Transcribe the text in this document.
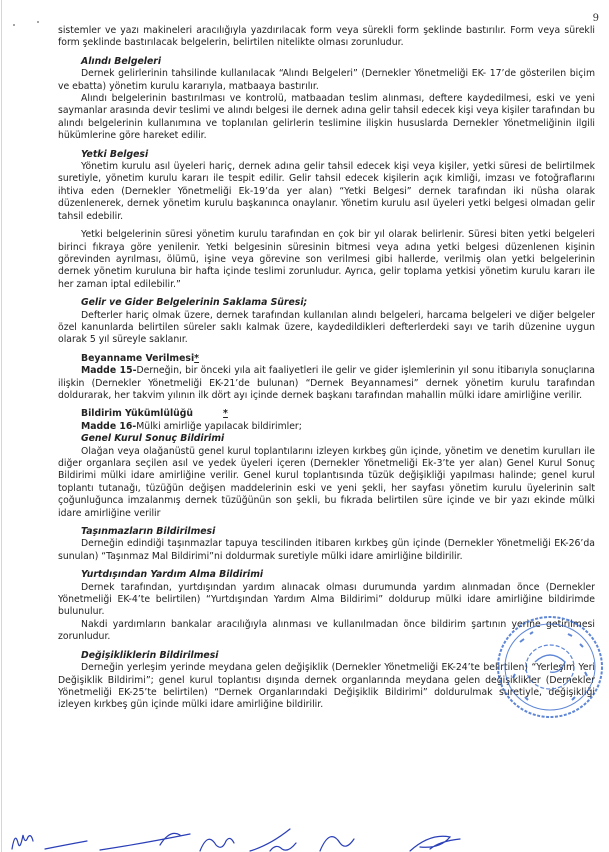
9

sistemler ve yazı makineleri aracılığıyla yazdırılacak form veya sürekli form şeklinde bastırılır. Form veya sürekli form şeklinde bastırılacak belgelerin, belirtilen nitelikte olması zorunludur.

Alındı Belgeleri

Dernek gelirlerinin tahsilinde kullanılacak “Alındı Belgeleri” (Dernekler Yönetmeliği EK- 17’de gösterilen biçim ve ebatta) yönetim kurulu kararıyla, matbaaya bastırılır.

Alındı belgelerinin bastırılması ve kontrolü, matbaadan teslim alınması, deftere kaydedilmesi, eski ve yeni saymanlar arasında devir teslimi ve alındı belgesi ile dernek adına gelir tahsil edecek kişi veya kişiler tarafından bu alındı belgelerinin kullanımına ve toplanılan gelirlerin teslimine ilişkin hususlarda Dernekler Yönetmeliğinin ilgili hükümlerine göre hareket edilir.

Yetki Belgesi

Yönetim kurulu asıl üyeleri hariç, dernek adına gelir tahsil edecek kişi veya kişiler, yetki süresi de belirtilmek suretiyle, yönetim kurulu kararı ile tespit edilir. Gelir tahsil edecek kişilerin açık kimliği, imzası ve fotoğraflarını ihtiva eden (Dernekler Yönetmeliği Ek-19’da yer alan) “Yetki Belgesi” dernek tarafından iki nüsha olarak düzenlenerek, dernek yönetim kurulu başkanınca onaylanır. Yönetim kurulu asıl üyeleri yetki belgesi olmadan gelir tahsil edebilir.

Yetki belgelerinin süresi yönetim kurulu tarafından en çok bir yıl olarak belirlenir. Süresi biten yetki belgeleri birinci fıkraya göre yenilenir. Yetki belgesinin süresinin bitmesi veya adına yetki belgesi düzenlenen kişinin görevinden ayrılması, ölümü, işine veya görevine son verilmesi gibi hallerde, verilmiş olan yetki belgelerinin dernek yönetim kuruluna bir hafta içinde teslimi zorunludur. Ayrıca, gelir toplama yetkisi yönetim kurulu kararı ile her zaman iptal edilebilir.”

Gelir ve Gider Belgelerinin Saklama Süresi;

Defterler hariç olmak üzere, dernek tarafından kullanılan alındı belgeleri, harcama belgeleri ve diğer belgeler özel kanunlarda belirtilen süreler saklı kalmak üzere, kaydedildikleri defterlerdeki sayı ve tarih düzenine uygun olarak 5 yıl süreyle saklanır.

Beyanname Verilmesi*

Madde 15-Derneğin, bir önceki yıla ait faaliyetleri ile gelir ve gider işlemlerinin yıl sonu itibarıyla sonuçlarına ilişkin (Dernekler Yönetmeliği EK-21’de bulunan) “Dernek Beyannamesi” dernek yönetim kurulu tarafından doldurarak, her takvim yılının ilk dört ayı içinde dernek başkanı tarafından mahallin mülki idare amirliğine verilir.

Bildirim Yükümlülüğü	*

Madde 16-Mülki amirliğe yapılacak bildirimler;

Genel Kurul Sonuç Bildirimi

Olağan veya olağanüstü genel kurul toplantılarını izleyen kırkbeş gün içinde, yönetim ve denetim kurulları ile diğer organlara seçilen asıl ve yedek üyeleri içeren (Dernekler Yönetmeliği Ek-3’te yer alan) Genel Kurul Sonuç Bildirimi mülki idare amirliğine verilir. Genel kurul toplantısında tüzük değişikliği yapılması halinde; genel kurul toplantı tutanağı, tüzüğün değişen maddelerinin eski ve yeni şekli, her sayfası yönetim kurulu üyelerinin salt çoğunluğunca imzalanmış dernek tüzüğünün son şekli, bu fıkrada belirtilen süre içinde ve bir yazı ekinde mülki idare amirliğine verilir

Taşınmazların Bildirilmesi

Derneğin edindiği taşınmazlar tapuya tescilinden itibaren kırkbeş gün içinde (Dernekler Yönetmeliği EK-26’da sunulan) “Taşınmaz Mal Bildirimi”ni doldurmak suretiyle mülki idare amirliğine bildirilir.

Yurtdışından Yardım Alma Bildirimi

Dernek tarafından, yurtdışından yardım alınacak olması durumunda yardım alınmadan önce (Dernekler Yönetmeliği EK-4’te belirtilen) “Yurtdışından Yardım Alma Bildirimi” doldurup mülki idare amirliğine bildirimde bulunulur.

Nakdi yardımların bankalar aracılığıyla alınması ve kullanılmadan önce bildirim şartının yerine getirilmesi zorunludur.

Değişikliklerin Bildirilmesi

Derneğin yerleşim yerinde meydana gelen değişiklik (Dernekler Yönetmeliği EK-24’te belirtilen) “Yerleşim Yeri Değişiklik Bildirimi”; genel kurul toplantısı dışında dernek organlarında meydana gelen değişiklikler (Dernekler Yönetmeliği EK-25’te belirtilen) “Dernek Organlarındaki Değişiklik Bildirimi” doldurulmak suretiyle, değişikliği izleyen kırkbeş gün içinde mülki idare amirliğine bildirilir.
